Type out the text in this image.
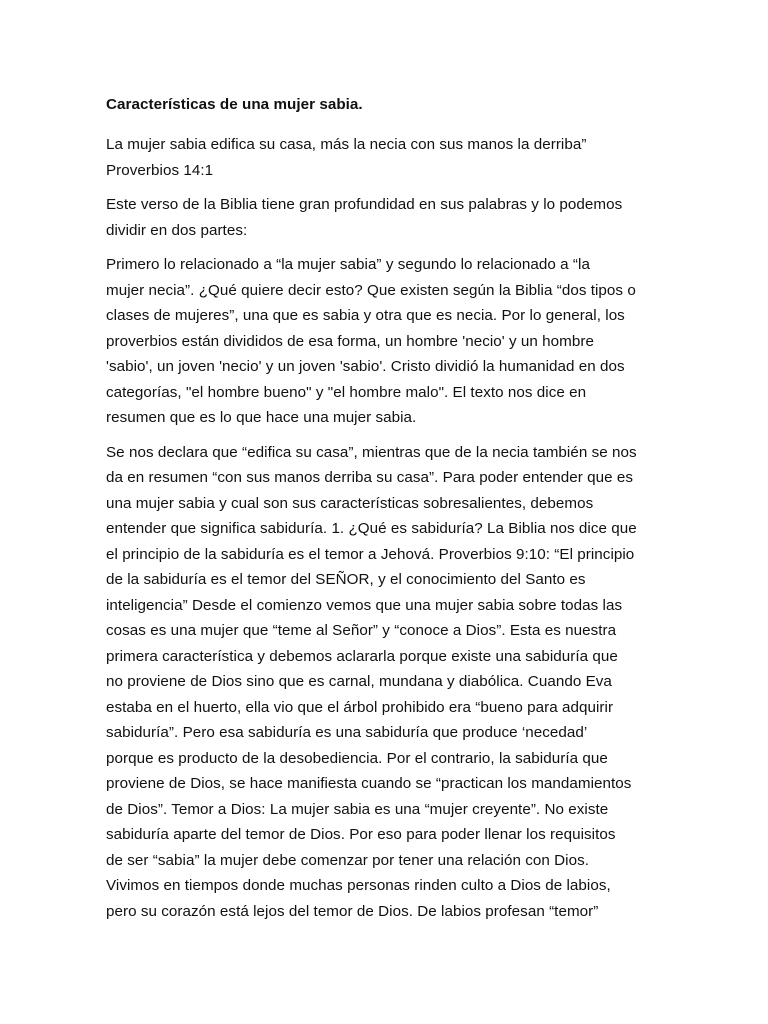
Características de una mujer sabia.
La mujer sabia edifica su casa, más la necia con sus manos la derriba”
Proverbios 14:1
Este verso de la Biblia tiene gran profundidad en sus palabras y lo podemos
dividir en dos partes:
Primero lo relacionado a “la mujer sabia” y segundo lo relacionado a “la
mujer necia”. ¿Qué quiere decir esto? Que existen según la Biblia “dos tipos o
clases de mujeres”, una que es sabia y otra que es necia. Por lo general, los
proverbios están divididos de esa forma, un hombre 'necio' y un hombre
'sabio', un joven 'necio' y un joven 'sabio'. Cristo dividió la humanidad en dos
categorías, "el hombre bueno" y "el hombre malo". El texto nos dice en
resumen que es lo que hace una mujer sabia.
Se nos declara que “edifica su casa”, mientras que de la necia también se nos
da en resumen “con sus manos derriba su casa”. Para poder entender que es
una mujer sabia y cual son sus características sobresalientes, debemos
entender que significa sabiduría. 1. ¿Qué es sabiduría? La Biblia nos dice que
el principio de la sabiduría es el temor a Jehová. Proverbios 9:10: “El principio
de la sabiduría es el temor del SEÑOR, y el conocimiento del Santo es
inteligencia” Desde el comienzo vemos que una mujer sabia sobre todas las
cosas es una mujer que “teme al Señor” y “conoce a Dios”. Esta es nuestra
primera característica y debemos aclararla porque existe una sabiduría que
no proviene de Dios sino que es carnal, mundana y diabólica. Cuando Eva
estaba en el huerto, ella vio que el árbol prohibido era “bueno para adquirir
sabiduría”. Pero esa sabiduría es una sabiduría que produce ‘necedad’
porque es producto de la desobediencia. Por el contrario, la sabiduría que
proviene de Dios, se hace manifiesta cuando se “practican los mandamientos
de Dios”. Temor a Dios: La mujer sabia es una “mujer creyente”. No existe
sabiduría aparte del temor de Dios. Por eso para poder llenar los requisitos
de ser “sabia” la mujer debe comenzar por tener una relación con Dios.
Vivimos en tiempos donde muchas personas rinden culto a Dios de labios,
pero su corazón está lejos del temor de Dios. De labios profesan “temor”
